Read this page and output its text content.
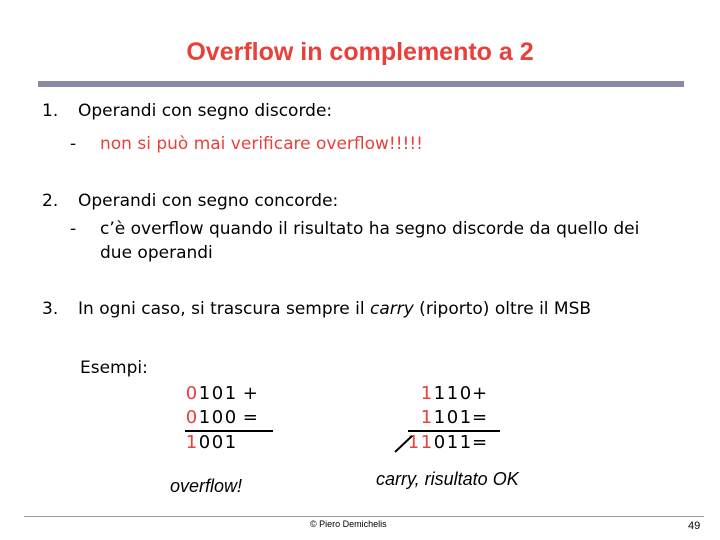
Overflow in complemento a 2
1. Operandi con segno discorde:
- non si può mai verificare overflow!!!!!
2. Operandi con segno concorde:
- c’è overflow quando il risultato ha segno discorde da quello dei
due operandi
3. In ogni caso, si trascura sempre il carry (riporto) oltre il MSB
Esempi:
0101 +
0100 =
1001
overflow!
1110+
1101=
11011=
carry, risultato OK
© Piero Demichelis	49
